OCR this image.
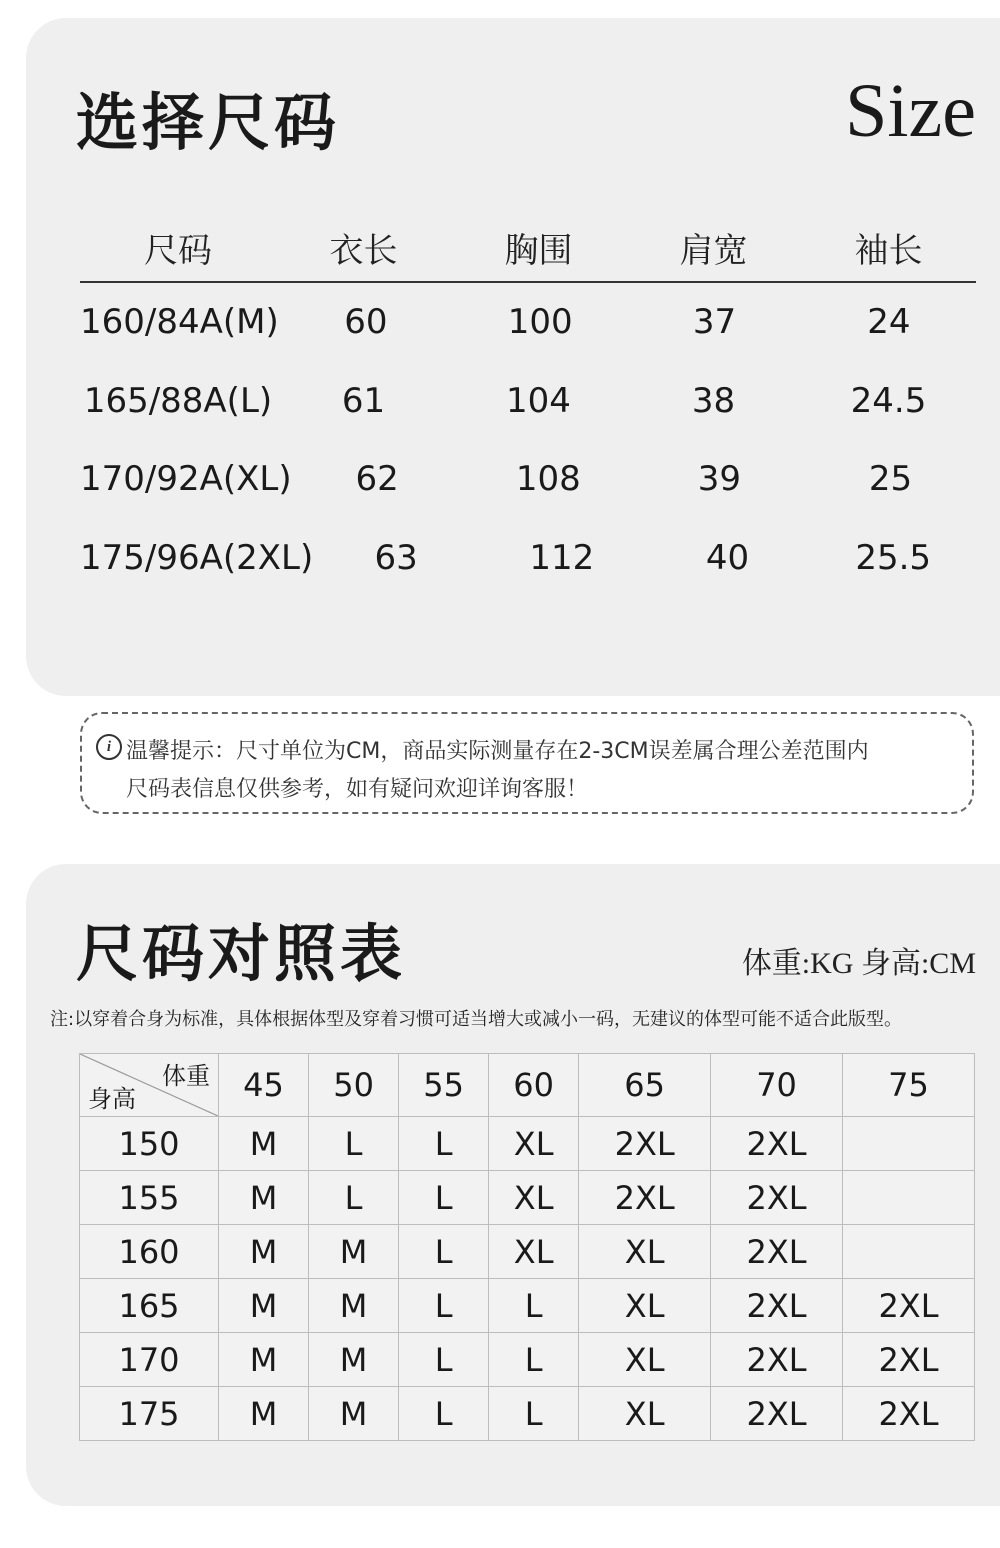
选择尺码	Size
尺码	衣长	胸围	肩宽	袖长
160/84A(M)	60	100	37	24
165/88A(L)	61	104	38	24.5
170/92A(XL)	62	108	39	25
175/96A(2XL)	63	112	40	25.5
i 温馨提示：尺寸单位为CM，商品实际测量存在2-3CM误差属合理公差范围内
尺码表信息仅供参考，如有疑问欢迎详询客服！
尺码对照表	体重:KG 身高:CM
注:以穿着合身为标准，具体根据体型及穿着习惯可适当增大或减小一码，无建议的体型可能不适合此版型。
体重
身高	45	50	55	60	65	70	75
150	M	L	L	XL	2XL	2XL	
155	M	L	L	XL	2XL	2XL	
160	M	M	L	XL	XL	2XL	
165	M	M	L	L	XL	2XL	2XL
170	M	M	L	L	XL	2XL	2XL
175	M	M	L	L	XL	2XL	2XL
